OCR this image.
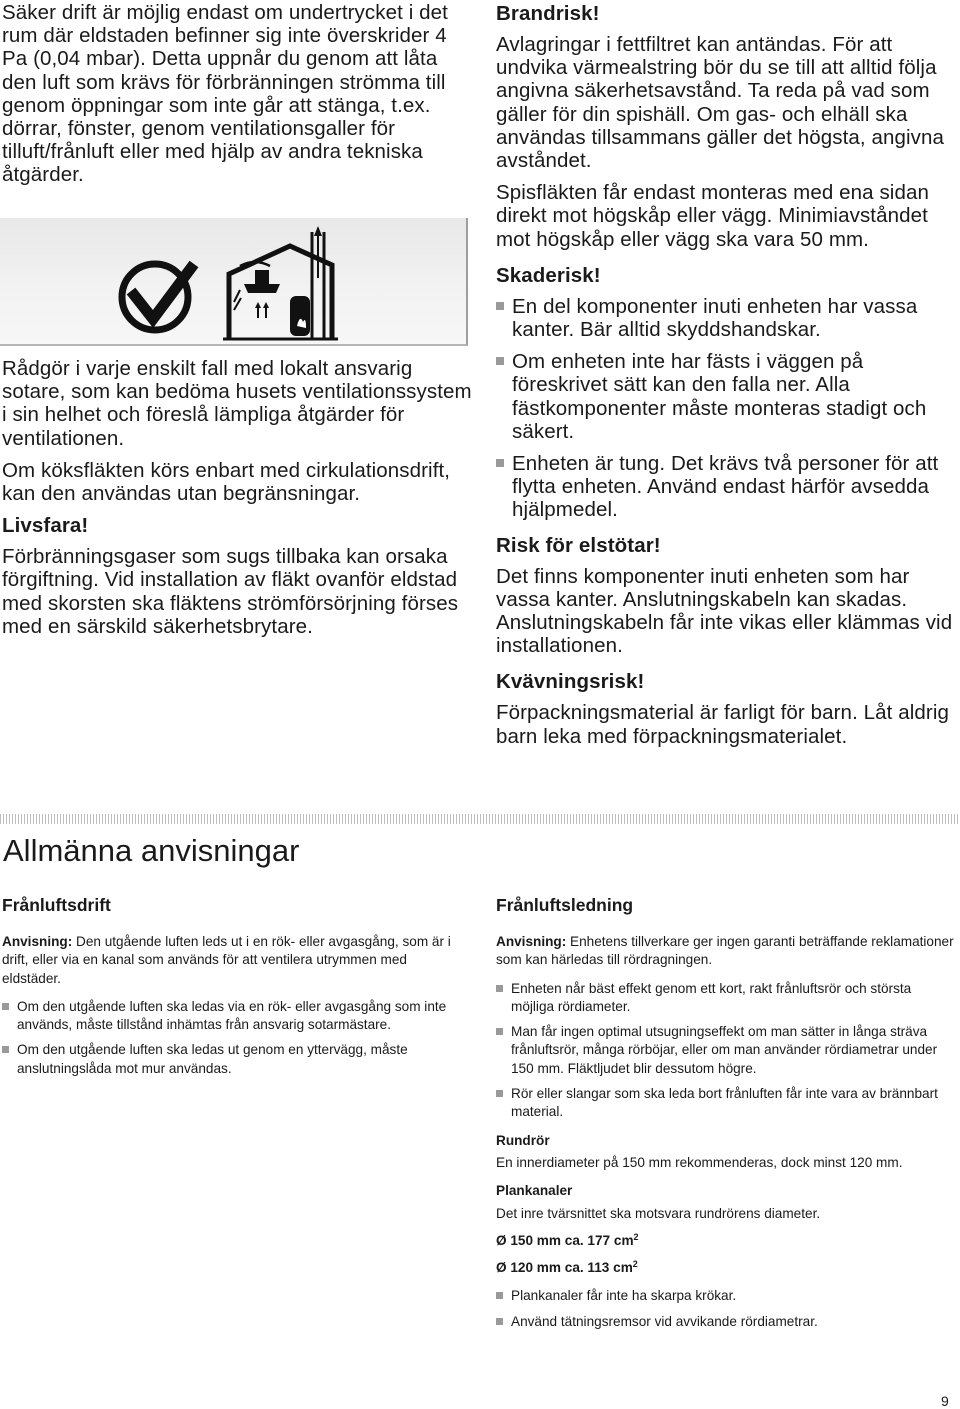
Säker drift är möjlig endast om undertrycket i det rum där eldstaden befinner sig inte överskrider 4 Pa (0,04 mbar). Detta uppnår du genom att låta den luft som krävs för förbränningen strömma till genom öppningar som inte går att stänga, t.ex. dörrar, fönster, genom ventilationsgaller för tilluft/frånluft eller med hjälp av andra tekniska åtgärder.

Rådgör i varje enskilt fall med lokalt ansvarig sotare, som kan bedöma husets ventilationssystem i sin helhet och föreslå lämpliga åtgärder för ventilationen.

Om köksfläkten körs enbart med cirkulationsdrift, kan den användas utan begränsningar.

Livsfara!

Förbränningsgaser som sugs tillbaka kan orsaka förgiftning. Vid installation av fläkt ovanför eldstad med skorsten ska fläktens strömförsörjning förses med en särskild säkerhetsbrytare.

Brandrisk!

Avlagringar i fettfiltret kan antändas. För att undvika värmealstring bör du se till att alltid följa angivna säkerhetsavstånd. Ta reda på vad som gäller för din spishäll. Om gas- och elhäll ska användas tillsammans gäller det högsta, angivna avståndet.

Spisfläkten får endast monteras med ena sidan direkt mot högskåp eller vägg. Minimiavståndet mot högskåp eller vägg ska vara 50 mm.

Skaderisk!
En del komponenter inuti enheten har vassa kanter. Bär alltid skyddshandskar.
Om enheten inte har fästs i väggen på föreskrivet sätt kan den falla ner. Alla fästkomponenter måste monteras stadigt och säkert.
Enheten är tung. Det krävs två personer för att flytta enheten. Använd endast härför avsedda hjälpmedel.
Risk för elstötar!

Det finns komponenter inuti enheten som har vassa kanter. Anslutningskabeln kan skadas. Anslutningskabeln får inte vikas eller klämmas vid installationen.

Kvävningsrisk!

Förpackningsmaterial är farligt för barn. Låt aldrig barn leka med förpackningsmaterialet.

Allmänna anvisningar
Frånluftsdrift

Anvisning: Den utgående luften leds ut i en rök- eller avgasgång, som är i drift, eller via en kanal som används för att ventilera utrymmen med eldstäder.

Om den utgående luften ska ledas via en rök- eller avgasgång som inte används, måste tillstånd inhämtas från ansvarig sotarmästare.
Om den utgående luften ska ledas ut genom en yttervägg, måste anslutningslåda mot mur användas.
Frånluftsledning

Anvisning: Enhetens tillverkare ger ingen garanti beträffande reklamationer som kan härledas till rördragningen.

Enheten når bäst effekt genom ett kort, rakt frånluftsrör och största möjliga rördiameter.
Man får ingen optimal utsugningseffekt om man sätter in långa sträva frånluftsrör, många rörböjar, eller om man använder rördiametrar under 150 mm. Fläktljudet blir dessutom högre.
Rör eller slangar som ska leda bort frånluften får inte vara av brännbart material.
Rundrör

En innerdiameter på 150 mm rekommenderas, dock minst 120 mm.

Plankanaler

Det inre tvärsnittet ska motsvara rundrörens diameter.

Ø 150 mm ca. 177 $cm^2$
Ø 120 mm ca. 113 $cm^2$
Plankanaler får inte ha skarpa krökar.
Använd tätningsremsor vid avvikande rördiametrar.
9
